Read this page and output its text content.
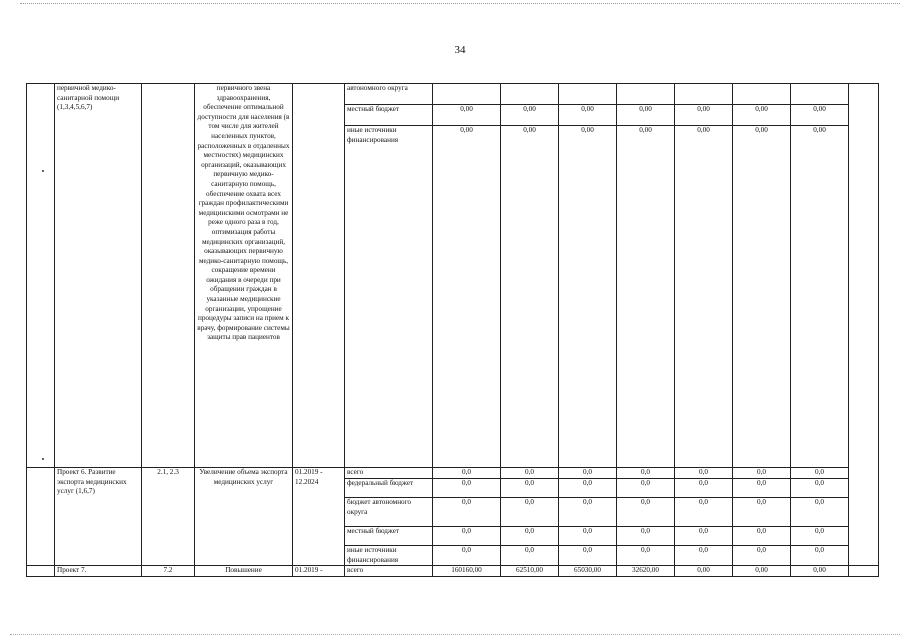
34
	первичной медико-санитарной помощи (1,3,4,5,6,7)		первичного звена здравоохранения, обеспечение оптимальной доступности для населения (в том числе для жителей населенных пунктов, расположенных в отдаленных местностях) медицинских организаций, оказывающих первичную медико-санитарную помощь, обеспечение охвата всех граждан профилактическими медицинскими осмотрами не реже одного раза в год, оптимизация работы медицинских организаций, оказывающих первичную медико-санитарную помощь, сокращение времени ожидания в очереди при обращении граждан в указанные медицинские организации, упрощение процедуры записи на прием к врачу, формирование системы защиты прав пациентов		автономного округа								
					местный бюджет	0,00	0,00	0,00	0,00	0,00	0,00	0,00	
					иные источники финансирования	0,00	0,00	0,00	0,00	0,00	0,00	0,00	
	Проект 6. Развитие экспорта медицинских услуг (1,6,7)	2.1, 2.3	Увеличение объема экспорта медицинских услуг	01.2019 - 12.2024	всего	0,0	0,0	0,0	0,0	0,0	0,0	0,0	
					федеральный бюджет	0,0	0,0	0,0	0,0	0,0	0,0	0,0	
					бюджет автономного округа	0,0	0,0	0,0	0,0	0,0	0,0	0,0	
					местный бюджет	0,0	0,0	0,0	0,0	0,0	0,0	0,0	
					иные источники финансирования	0,0	0,0	0,0	0,0	0,0	0,0	0,0	
	Проект 7.	7.2	Повышение	01.2019 -	всего	160160,00	62510,00	65030,00	32620,00	0,00	0,00	0,00	
